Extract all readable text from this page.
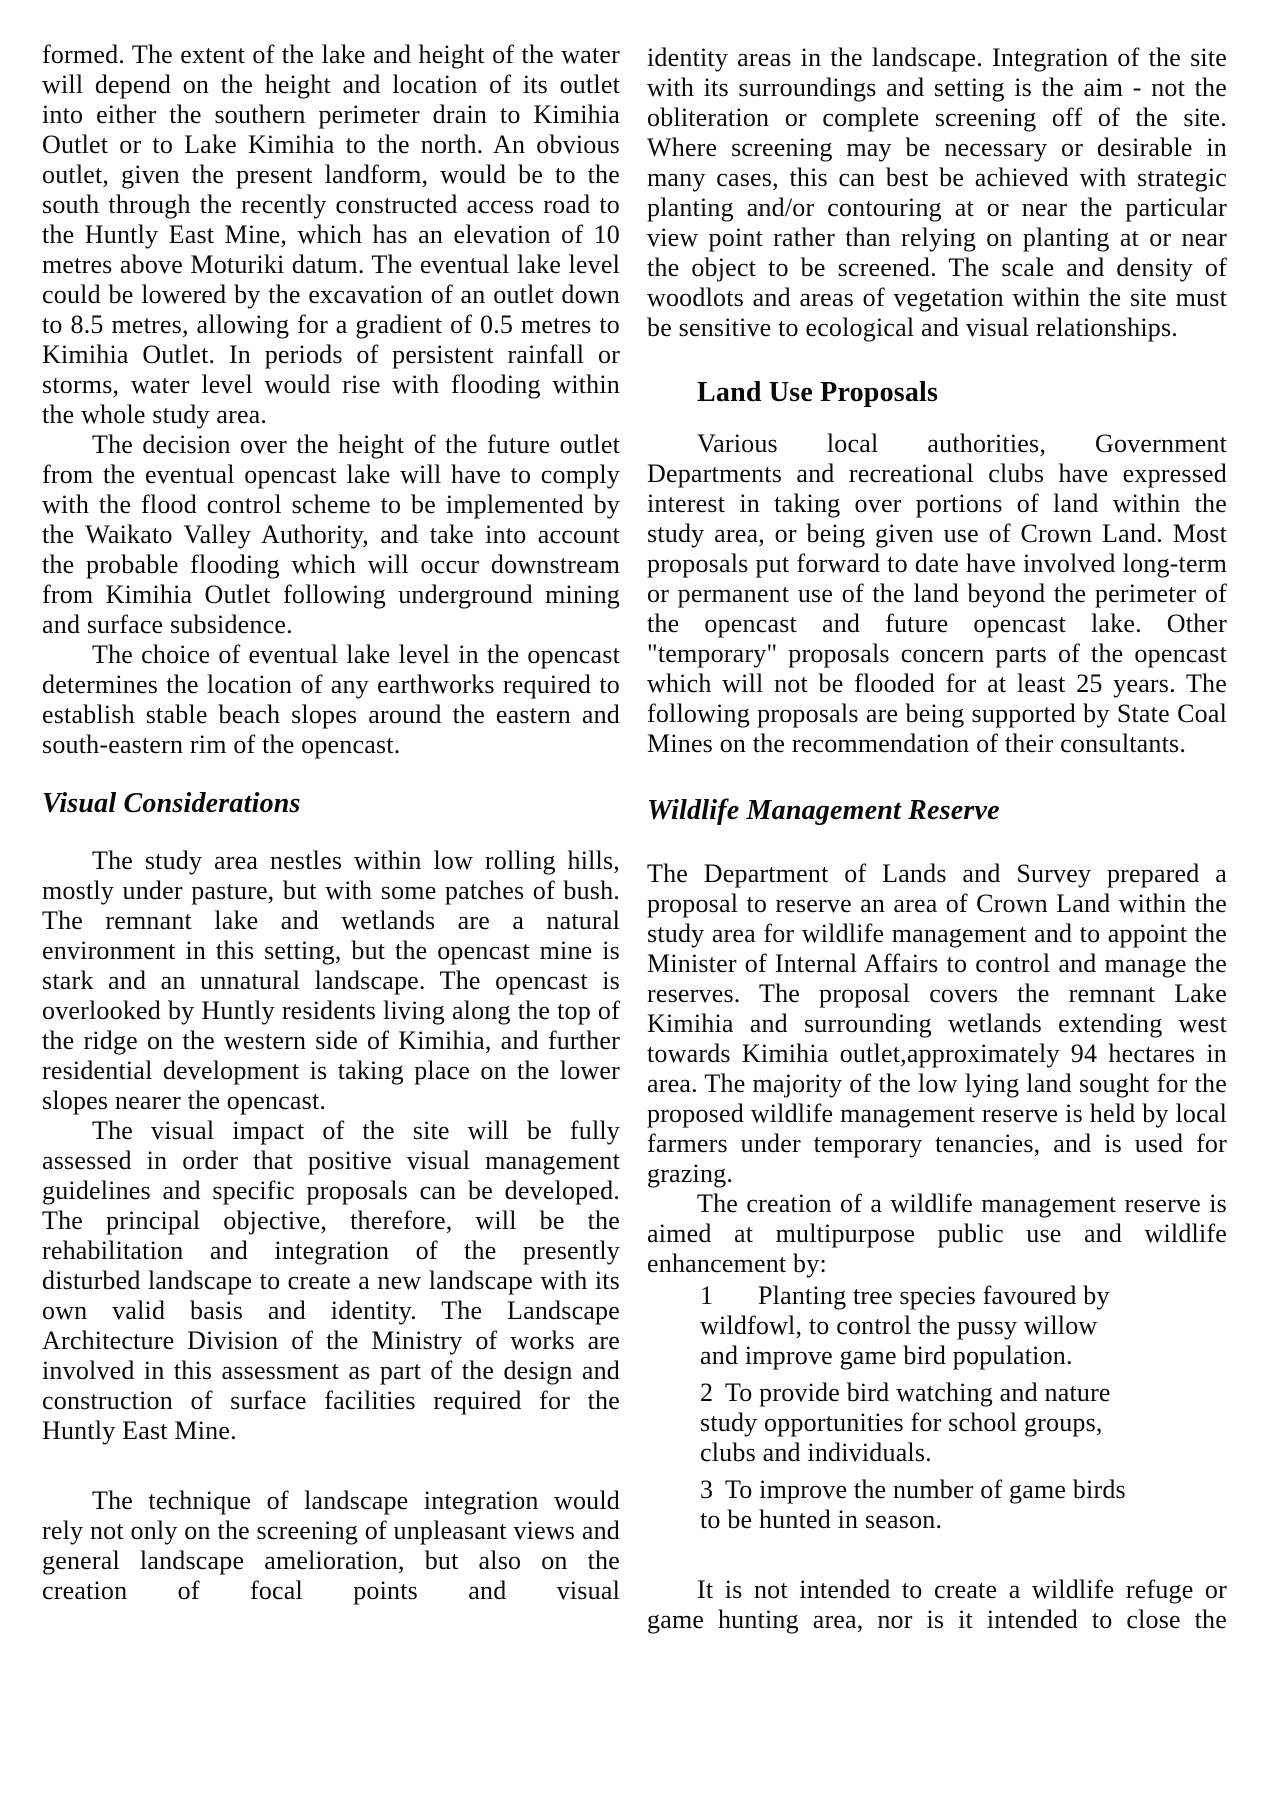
formed. The extent of the lake and height of the water will depend on the height and location of its outlet into either the southern perimeter drain to Kimihia Outlet or to Lake Kimihia to the north. An obvious outlet, given the present landform, would be to the south through the recently constructed access road to the Huntly East Mine, which has an elevation of 10 metres above Moturiki datum. The eventual lake level could be lowered by the excavation of an outlet down to 8.5 metres, allowing for a gradient of 0.5 metres to Kimihia Outlet. In periods of persistent rainfall or storms, water level would rise with flooding within the whole study area.

The decision over the height of the future outlet from the eventual opencast lake will have to comply with the flood control scheme to be implemented by the Waikato Valley Authority, and take into account the probable flooding which will occur downstream from Kimihia Outlet following underground mining and surface subsidence.

The choice of eventual lake level in the opencast determines the location of any earthworks required to establish stable beach slopes around the eastern and south-eastern rim of the opencast.

Visual Considerations

The study area nestles within low rolling hills, mostly under pasture, but with some patches of bush. The remnant lake and wetlands are a natural environment in this setting, but the opencast mine is stark and an unnatural landscape. The opencast is overlooked by Huntly residents living along the top of the ridge on the western side of Kimihia, and further residential development is taking place on the lower slopes nearer the opencast.

The visual impact of the site will be fully assessed in order that positive visual management guidelines and specific proposals can be developed. The principal objective, therefore, will be the rehabilitation and integration of the presently disturbed landscape to create a new landscape with its own valid basis and identity. The Landscape Architecture Division of the Ministry of works are involved in this assessment as part of the design and construction of surface facilities required for the Huntly East Mine.

The technique of landscape integration would rely not only on the screening of unpleasant views and general landscape amelioration, but also on the creation of focal points and visual

identity areas in the landscape. Integration of the site with its surroundings and setting is the aim - not the obliteration or complete screening off of the site. Where screening may be necessary or desirable in many cases, this can best be achieved with strategic planting and/or contouring at or near the particular view point rather than relying on planting at or near the object to be screened. The scale and density of woodlots and areas of vegetation within the site must be sensitive to ecological and visual relationships.

Land Use Proposals

Various local authorities, Government Departments and recreational clubs have expressed interest in taking over portions of land within the study area, or being given use of Crown Land. Most proposals put forward to date have involved long-term or permanent use of the land beyond the perimeter of the opencast and future opencast lake. Other "temporary" proposals concern parts of the opencast which will not be flooded for at least 25 years. The following proposals are being supported by State Coal Mines on the recommendation of their consultants.

Wildlife Management Reserve

The Department of Lands and Survey prepared a proposal to reserve an area of Crown Land within the study area for wildlife management and to appoint the Minister of Internal Affairs to control and manage the reserves. The proposal covers the remnant Lake Kimihia and surrounding wetlands extending west towards Kimihia outlet,approximately 94 hectares in area. The majority of the low lying land sought for the proposed wildlife management reserve is held by local farmers under temporary tenancies, and is used for grazing.

The creation of a wildlife management reserve is aimed at multipurpose public use and wildlife enhancement by:

1 Planting tree species favoured by wildfowl, to control the pussy willow and improve game bird population.
2 To provide bird watching and nature study opportunities for school groups, clubs and individuals.
3 To improve the number of game birds to be hunted in season.

It is not intended to create a wildlife refuge or game hunting area, nor is it intended to close the
